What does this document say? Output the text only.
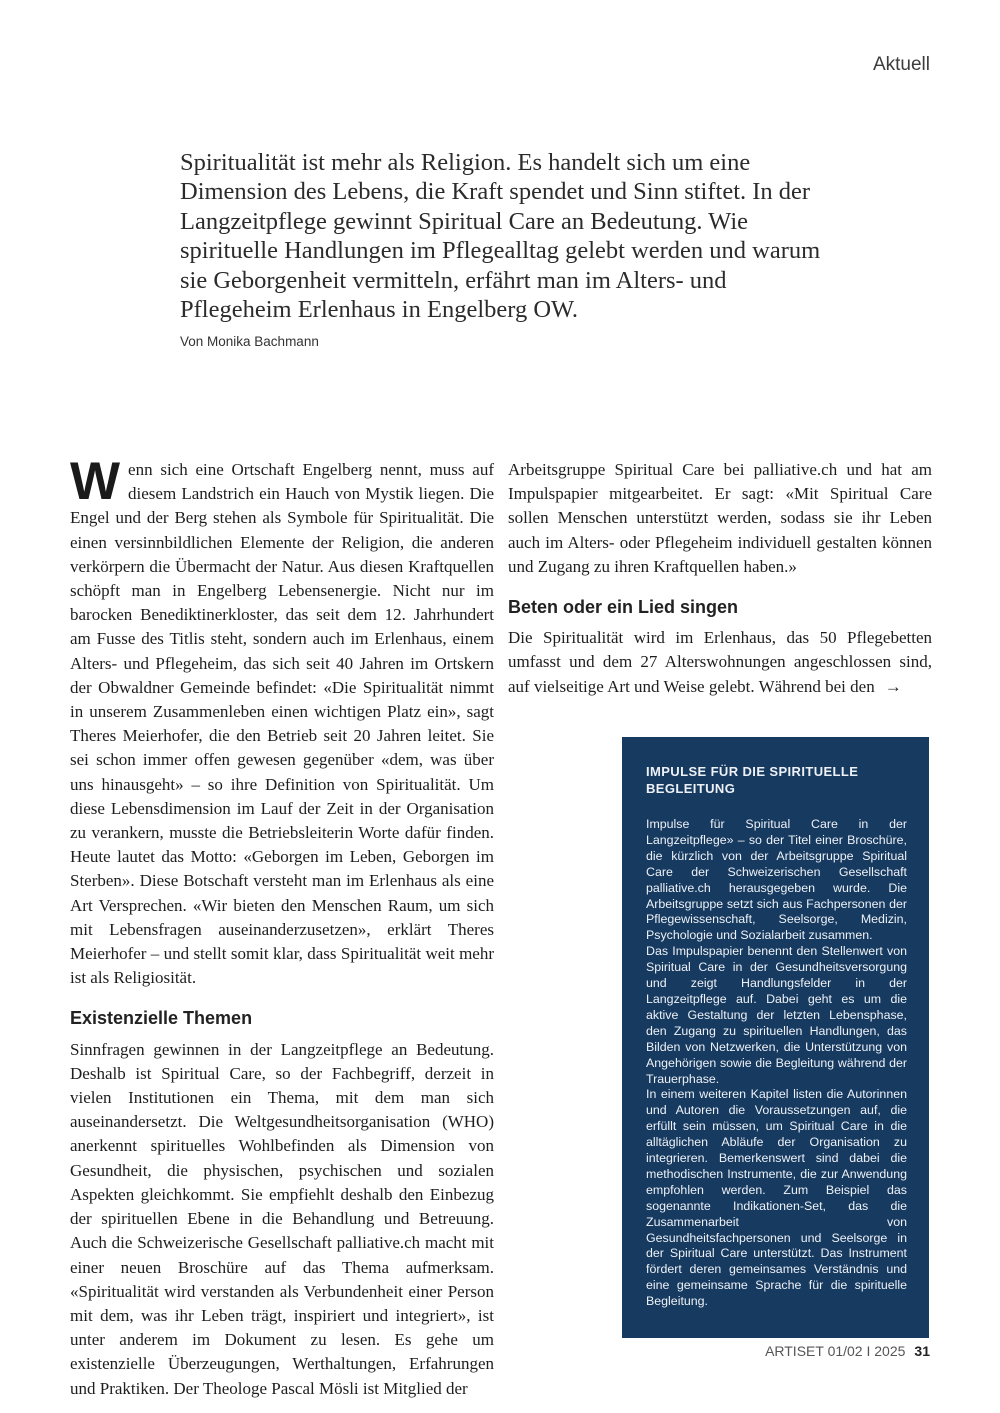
Aktuell
Spiritualität ist mehr als Religion. Es handelt sich um eine Dimension des Lebens, die Kraft spendet und Sinn stiftet. In der Langzeitpflege gewinnt Spiritual Care an Bedeutung. Wie spirituelle Handlungen im Pflegealltag gelebt werden und warum sie Geborgenheit vermitteln, erfährt man im Alters- und Pflegeheim Erlenhaus in Engelberg OW.
Von Monika Bachmann

Wenn sich eine Ortschaft Engelberg nennt, muss auf diesem Landstrich ein Hauch von Mystik liegen. Die Engel und der Berg stehen als Symbole für Spiritualität. Die einen versinnbildlichen Elemente der Religion, die anderen verkörpern die Übermacht der Natur. Aus diesen Kraftquellen schöpft man in Engelberg Lebensenergie. Nicht nur im barocken Benediktinerkloster, das seit dem 12. Jahrhundert am Fusse des Titlis steht, sondern auch im Erlenhaus, einem Alters- und Pflegeheim, das sich seit 40 Jahren im Ortskern der Obwaldner Gemeinde befindet: «Die Spiritualität nimmt in unserem Zusammenleben einen wichtigen Platz ein», sagt Theres Meierhofer, die den Betrieb seit 20 Jahren leitet. Sie sei schon immer offen gewesen gegenüber «dem, was über uns hinausgeht» – so ihre Definition von Spiritualität. Um diese Lebensdimension im Lauf der Zeit in der Organisation zu verankern, musste die Betriebsleiterin Worte dafür finden. Heute lautet das Motto: «Geborgen im Leben, Geborgen im Sterben». Diese Botschaft versteht man im Erlenhaus als eine Art Versprechen. «Wir bieten den Menschen Raum, um sich mit Lebensfragen auseinanderzusetzen», erklärt Theres Meierhofer – und stellt somit klar, dass Spiritualität weit mehr ist als Religiosität.

Existenzielle Themen

Sinnfragen gewinnen in der Langzeitpflege an Bedeutung. Deshalb ist Spiritual Care, so der Fachbegriff, derzeit in vielen Institutionen ein Thema, mit dem man sich auseinandersetzt. Die Weltgesundheitsorganisation (WHO) anerkennt spirituelles Wohlbefinden als Dimension von Gesundheit, die physischen, psychischen und sozialen Aspekten gleichkommt. Sie empfiehlt deshalb den Einbezug der spirituellen Ebene in die Behandlung und Betreuung. Auch die Schweizerische Gesellschaft palliative.ch macht mit einer neuen Broschüre auf das Thema aufmerksam. «Spiritualität wird verstanden als Verbundenheit einer Person mit dem, was ihr Leben trägt, inspiriert und integriert», ist unter anderem im Dokument zu lesen. Es gehe um existenzielle Überzeugungen, Werthaltungen, Erfahrungen und Praktiken. Der Theologe Pascal Mösli ist Mitglied der

Arbeitsgruppe Spiritual Care bei palliative.ch und hat am Impulspapier mitgearbeitet. Er sagt: «Mit Spiritual Care sollen Menschen unterstützt werden, sodass sie ihr Leben auch im Alters- oder Pflegeheim individuell gestalten können und Zugang zu ihren Kraftquellen haben.»

Beten oder ein Lied singen

Die Spiritualität wird im Erlenhaus, das 50 Pflegebetten umfasst und dem 27 Alterswohnungen angeschlossen sind, auf vielseitige Art und Weise gelebt. Während bei den →

IMPULSE FÜR DIE SPIRITUELLE BEGLEITUNG

Impulse für Spiritual Care in der Langzeitpflege» – so der Titel einer Broschüre, die kürzlich von der Arbeitsgruppe Spiritual Care der Schweizerischen Gesellschaft palliative.ch herausgegeben wurde. Die Arbeitsgruppe setzt sich aus Fachpersonen der Pflegewissenschaft, Seelsorge, Medizin, Psychologie und Sozialarbeit zusammen.

Das Impulspapier benennt den Stellenwert von Spiritual Care in der Gesundheitsversorgung und zeigt Handlungsfelder in der Langzeitpflege auf. Dabei geht es um die aktive Gestaltung der letzten Lebensphase, den Zugang zu spirituellen Handlungen, das Bilden von Netzwerken, die Unterstützung von Angehörigen sowie die Begleitung während der Trauerphase.

In einem weiteren Kapitel listen die Autorinnen und Autoren die Voraussetzungen auf, die erfüllt sein müssen, um Spiritual Care in die alltäglichen Abläufe der Organisation zu integrieren. Bemerkenswert sind dabei die methodischen Instrumente, die zur Anwendung empfohlen werden. Zum Beispiel das sogenannte Indikationen-Set, das die Zusammenarbeit von Gesundheitsfachpersonen und Seelsorge in der Spiritual Care unterstützt. Das Instrument fördert deren gemeinsames Verständnis und eine gemeinsame Sprache für die spirituelle Begleitung.

ARTISET 01/02 I 2025 31
